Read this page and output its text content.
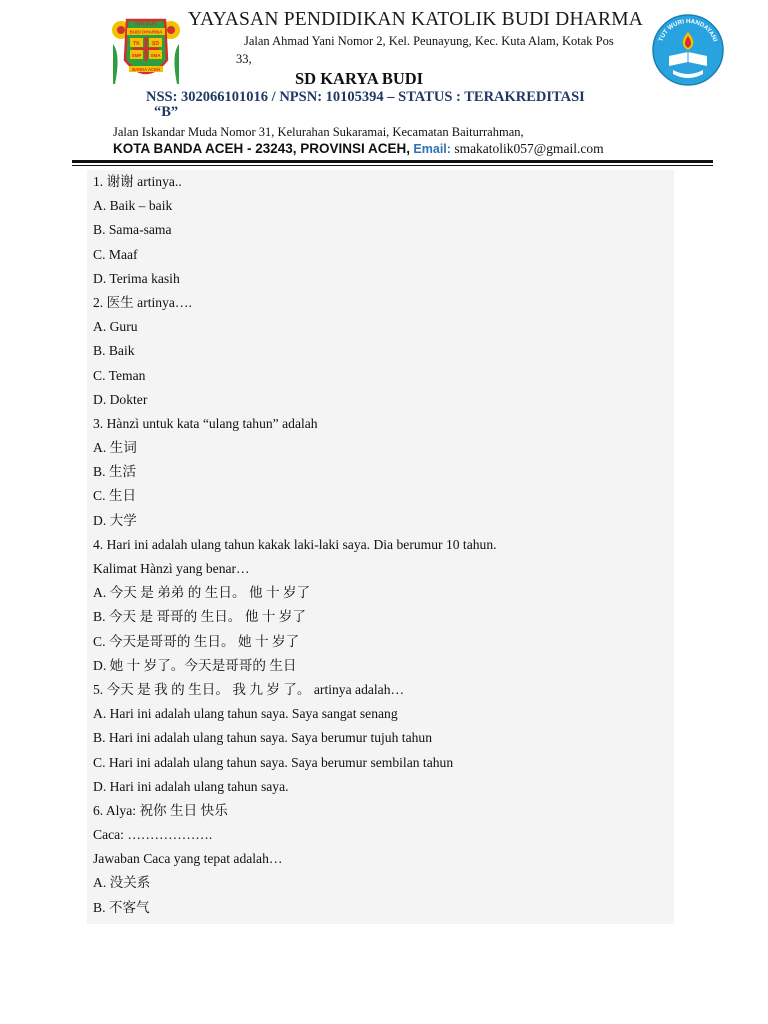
KATOLIK
BUDI DHARMA
TK SD
SMP SMA
BANDA ACEH
TUT WURI HANDAYANI
YAYASAN PENDIDIKAN KATOLIK BUDI DHARMA
Jalan Ahmad Yani Nomor 2, Kel. Peunayung, Kec. Kuta Alam, Kotak Pos
33,
SD KARYA BUDI
NSS: 302066101016 / NPSN: 10105394 – STATUS : TERAKREDITASI
“B”
Jalan Iskandar Muda Nomor 31, Kelurahan Sukaramai, Kecamatan Baiturrahman,
KOTA BANDA ACEH - 23243, PROVINSI ACEH, Email: smakatolik057@gmail.com
1. 谢谢 artinya..
A. Baik – baik
B. Sama-sama
C. Maaf
D. Terima kasih
2. 医生 artinya….
A. Guru
B. Baik
C. Teman
D. Dokter
3. Hànzì untuk kata “ulang tahun” adalah
A. 生词
B. 生活
C. 生日
D. 大学
4. Hari ini adalah ulang tahun kakak laki-laki saya. Dia berumur 10 tahun.
Kalimat Hànzì yang benar…
A. 今天 是 弟弟 的 生日。 他 十 岁了
B. 今天 是 哥哥的 生日。 他 十 岁了
C. 今天是哥哥的 生日。 她 十 岁了
D. 她 十 岁了。今天是哥哥的 生日
5. 今天 是 我 的 生日。 我 九 岁 了。 artinya adalah…
A. Hari ini adalah ulang tahun saya. Saya sangat senang
B. Hari ini adalah ulang tahun saya. Saya berumur tujuh tahun
C. Hari ini adalah ulang tahun saya. Saya berumur sembilan tahun
D. Hari ini adalah ulang tahun saya.
6. Alya: 祝你 生日 快乐
Caca: ……………….
Jawaban Caca yang tepat adalah…
A. 没关系
B. 不客气
